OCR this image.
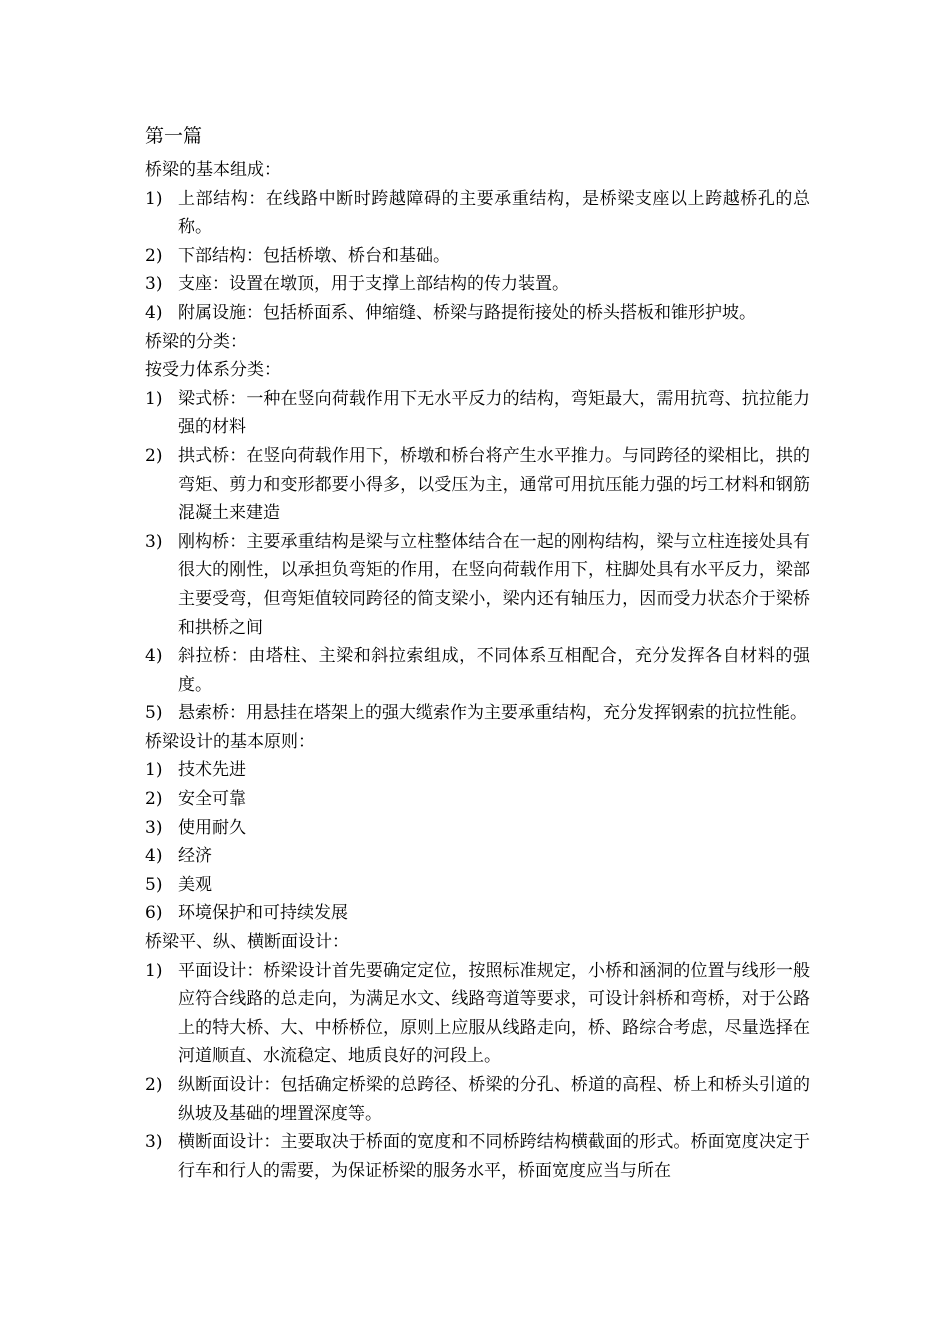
第一篇
桥梁的基本组成：
1) 上部结构：在线路中断时跨越障碍的主要承重结构，是桥梁支座以上跨越桥孔的总称。
2) 下部结构：包括桥墩、桥台和基础。
3) 支座：设置在墩顶，用于支撑上部结构的传力装置。
4) 附属设施：包括桥面系、伸缩缝、桥梁与路提衔接处的桥头搭板和锥形护坡。
桥梁的分类：
按受力体系分类：
1) 梁式桥：一种在竖向荷载作用下无水平反力的结构，弯矩最大，需用抗弯、抗拉能力强的材料
2) 拱式桥：在竖向荷载作用下，桥墩和桥台将产生水平推力。与同跨径的梁相比，拱的弯矩、剪力和变形都要小得多，以受压为主，通常可用抗压能力强的圬工材料和钢筋混凝土来建造
3) 刚构桥：主要承重结构是梁与立柱整体结合在一起的刚构结构，梁与立柱连接处具有很大的刚性，以承担负弯矩的作用，在竖向荷载作用下，柱脚处具有水平反力，梁部主要受弯，但弯矩值较同跨径的简支梁小，梁内还有轴压力，因而受力状态介于梁桥和拱桥之间
4) 斜拉桥：由塔柱、主梁和斜拉索组成，不同体系互相配合，充分发挥各自材料的强度。
5) 悬索桥：用悬挂在塔架上的强大缆索作为主要承重结构，充分发挥钢索的抗拉性能。
桥梁设计的基本原则：
1) 技术先进
2) 安全可靠
3) 使用耐久
4) 经济
5) 美观
6) 环境保护和可持续发展
桥梁平、纵、横断面设计：
1) 平面设计：桥梁设计首先要确定定位，按照标准规定，小桥和涵洞的位置与线形一般应符合线路的总走向，为满足水文、线路弯道等要求，可设计斜桥和弯桥，对于公路上的特大桥、大、中桥桥位，原则上应服从线路走向，桥、路综合考虑，尽量选择在河道顺直、水流稳定、地质良好的河段上。
2) 纵断面设计：包括确定桥梁的总跨径、桥梁的分孔、桥道的高程、桥上和桥头引道的纵坡及基础的埋置深度等。
3) 横断面设计：主要取决于桥面的宽度和不同桥跨结构横截面的形式。桥面宽度决定于行车和行人的需要，为保证桥梁的服务水平，桥面宽度应当与所在
